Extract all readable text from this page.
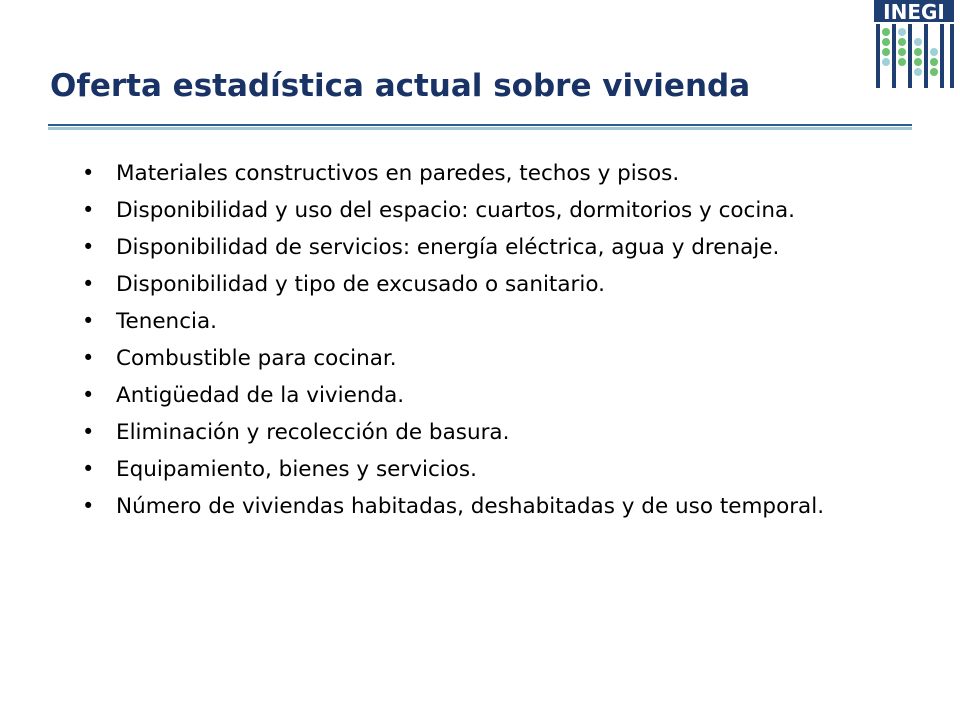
Oferta estadística actual sobre vivienda
INEGI
• Materiales constructivos en paredes, techos y pisos.
• Disponibilidad y uso del espacio: cuartos, dormitorios y cocina.
• Disponibilidad de servicios: energía eléctrica, agua y drenaje.
• Disponibilidad y tipo de excusado o sanitario.
• Tenencia.
• Combustible para cocinar.
• Antigüedad de la vivienda.
• Eliminación y recolección de basura.
• Equipamiento, bienes y servicios.
• Número de viviendas habitadas, deshabitadas y de uso temporal.
